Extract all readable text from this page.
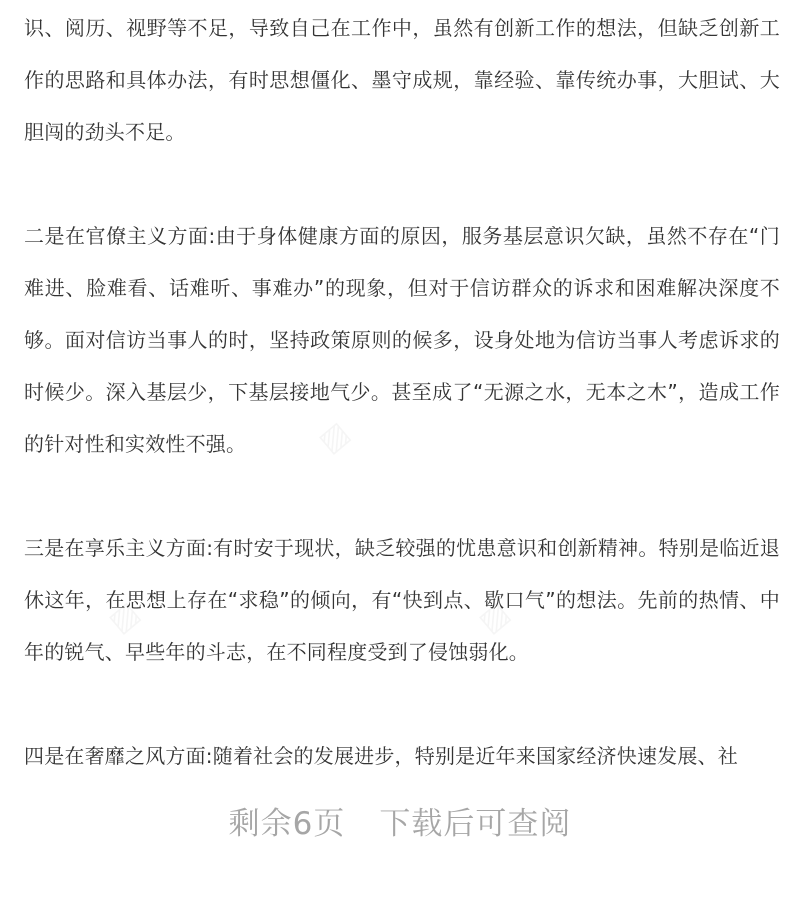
识、阅历、视野等不足，导致自己在工作中，虽然有创新工作的想法，但缺乏创新工作的思路和具体办法，有时思想僵化、墨守成规，靠经验、靠传统办事，大胆试、大胆闯的劲头不足。

二是在官僚主义方面:由于身体健康方面的原因，服务基层意识欠缺，虽然不存在“门难进、脸难看、话难听、事难办”的现象，但对于信访群众的诉求和困难解决深度不够。面对信访当事人的时，坚持政策原则的候多，设身处地为信访当事人考虑诉求的时候少。深入基层少，下基层接地气少。甚至成了“无源之水，无本之木”，造成工作的针对性和实效性不强。

三是在享乐主义方面:有时安于现状，缺乏较强的忧患意识和创新精神。特别是临近退休这年，在思想上存在“求稳”的倾向，有“快到点、歇口气”的想法。先前的热情、中年的锐气、早些年的斗志，在不同程度受到了侵蚀弱化。

四是在奢靡之风方面:随着社会的发展进步，特别是近年来国家经济快速发展、社

剩余6页 下载后可查阅
